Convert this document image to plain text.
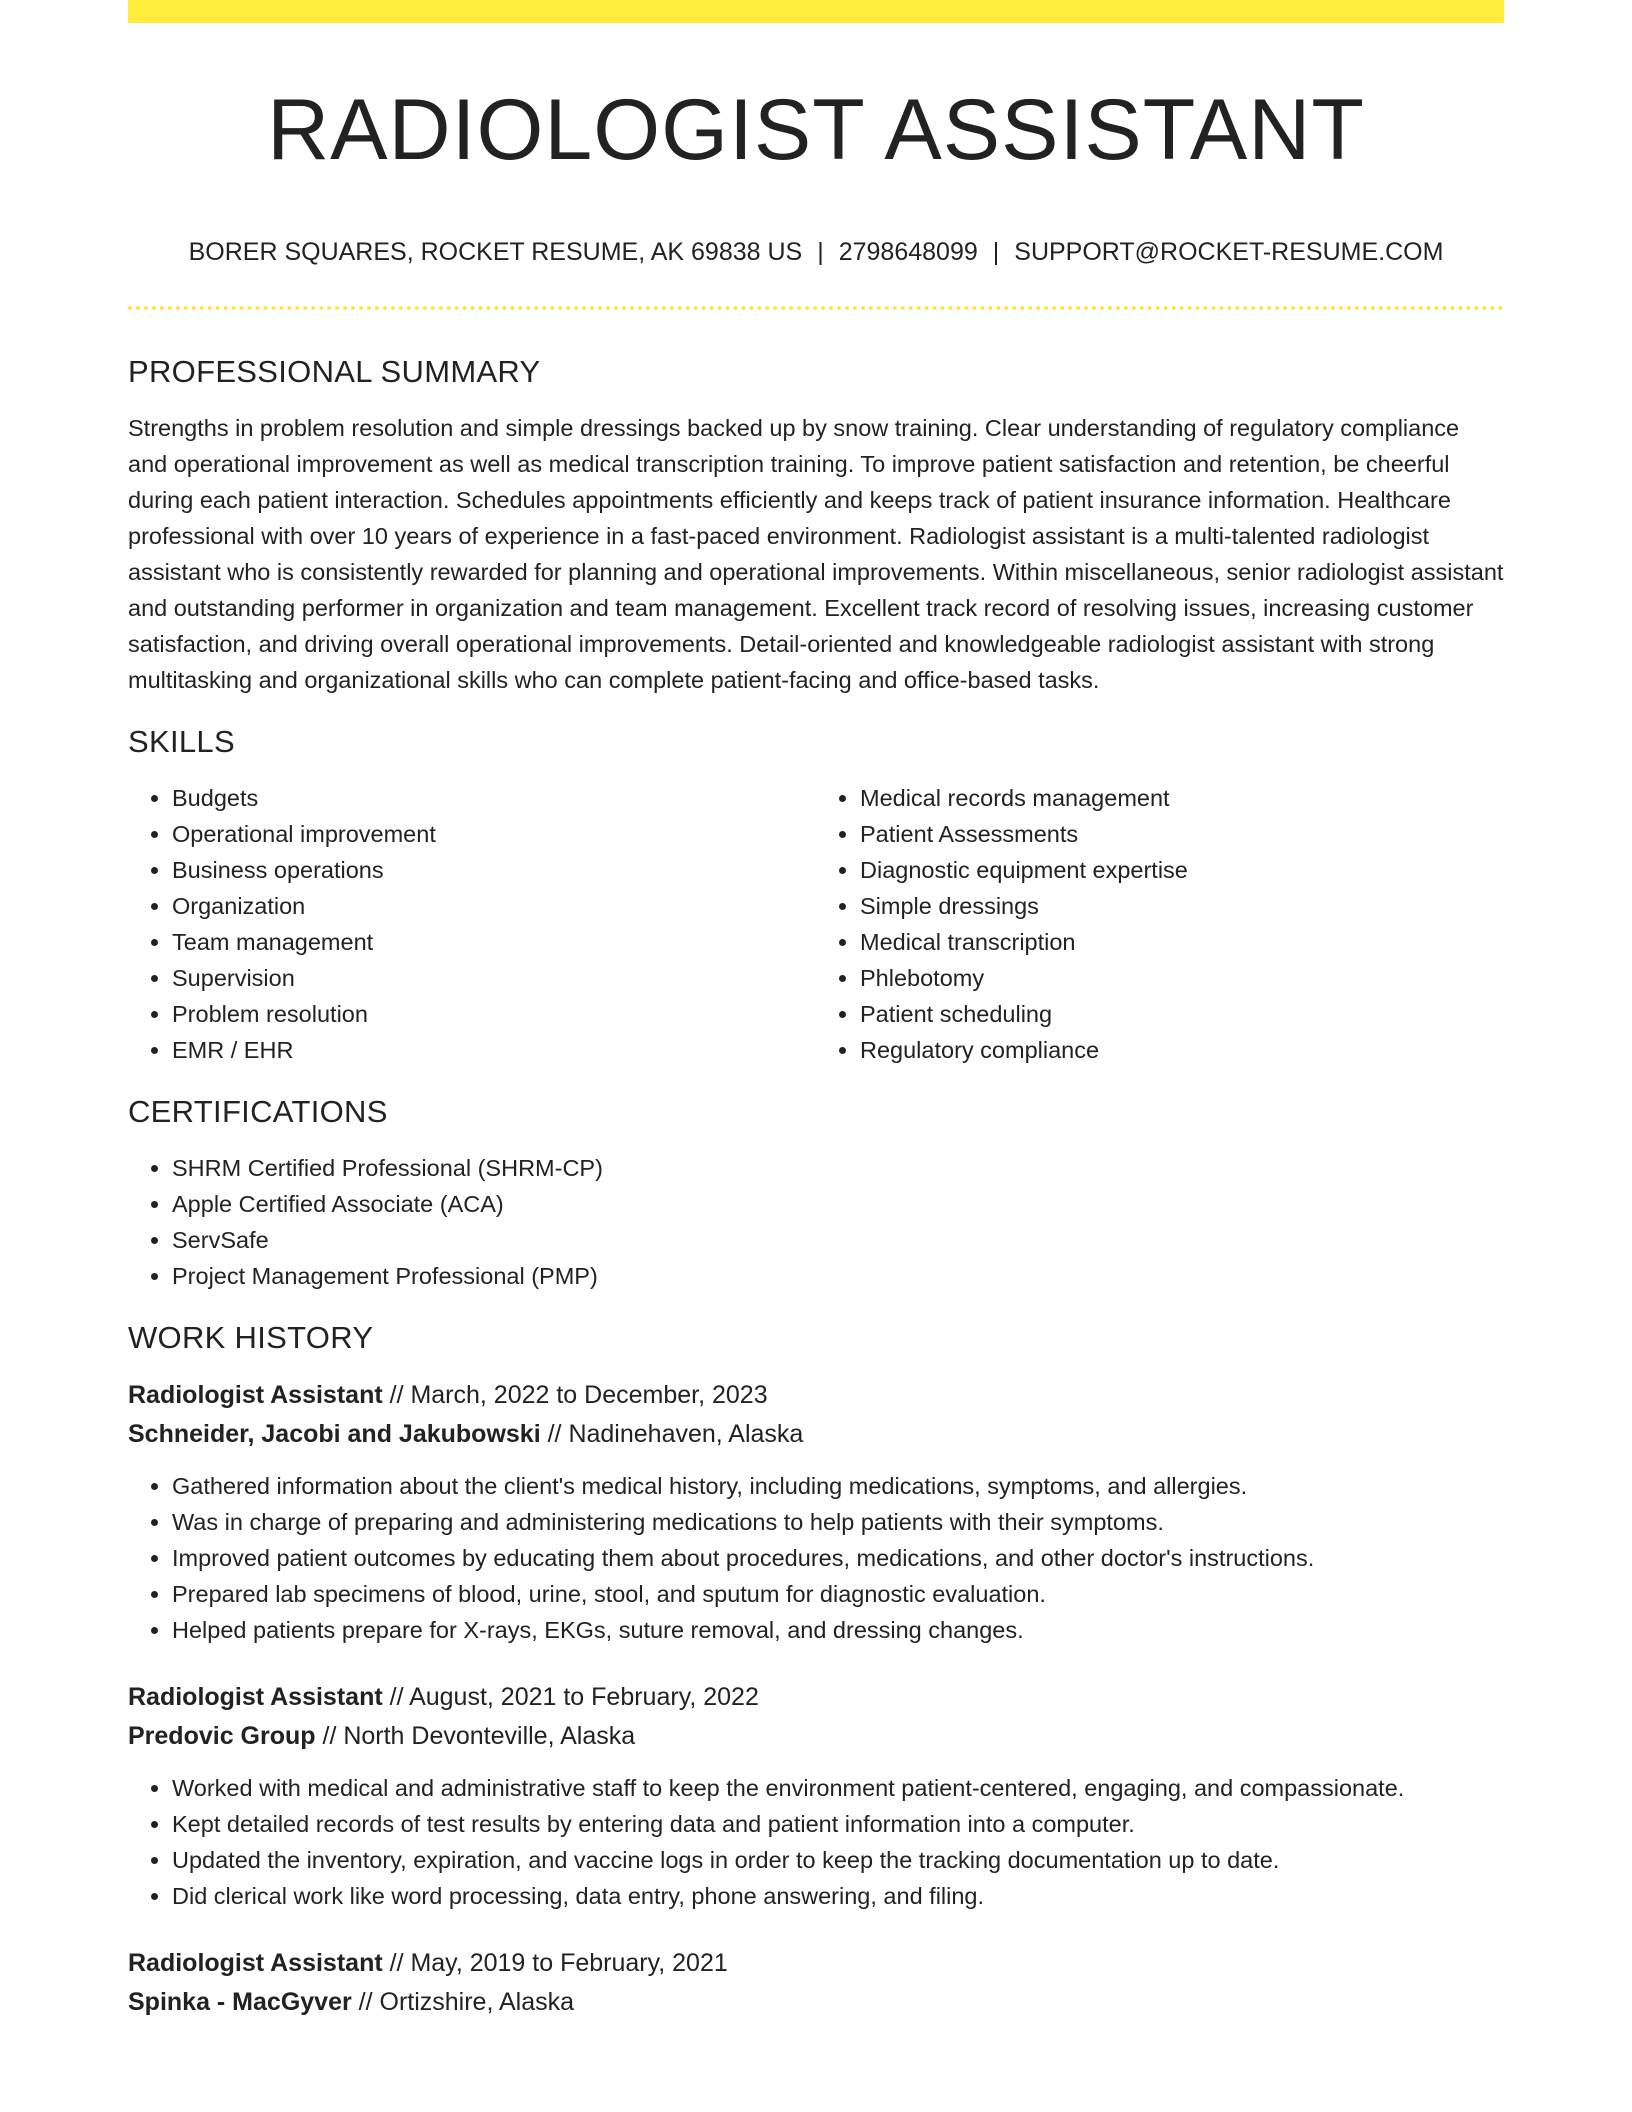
RADIOLOGIST ASSISTANT
BORER SQUARES, ROCKET RESUME, AK 69838 US | 2798648099 | SUPPORT@ROCKET-RESUME.COM
PROFESSIONAL SUMMARY

Strengths in problem resolution and simple dressings backed up by snow training. Clear understanding of regulatory compliance and operational improvement as well as medical transcription training. To improve patient satisfaction and retention, be cheerful during each patient interaction. Schedules appointments efficiently and keeps track of patient insurance information. Healthcare professional with over 10 years of experience in a fast-paced environment. Radiologist assistant is a multi-talented radiologist assistant who is consistently rewarded for planning and operational improvements. Within miscellaneous, senior radiologist assistant and outstanding performer in organization and team management. Excellent track record of resolving issues, increasing customer satisfaction, and driving overall operational improvements. Detail-oriented and knowledgeable radiologist assistant with strong multitasking and organizational skills who can complete patient-facing and office-based tasks.

SKILLS
• Budgets
• Operational improvement
• Business operations
• Organization
• Team management
• Supervision
• Problem resolution
• EMR / EHR
• Medical records management
• Patient Assessments
• Diagnostic equipment expertise
• Simple dressings
• Medical transcription
• Phlebotomy
• Patient scheduling
• Regulatory compliance
CERTIFICATIONS
• SHRM Certified Professional (SHRM-CP)
• Apple Certified Associate (ACA)
• ServSafe
• Project Management Professional (PMP)
WORK HISTORY
Radiologist Assistant // March, 2022 to December, 2023
Schneider, Jacobi and Jakubowski // Nadinehaven, Alaska
• Gathered information about the client's medical history, including medications, symptoms, and allergies.
• Was in charge of preparing and administering medications to help patients with their symptoms.
• Improved patient outcomes by educating them about procedures, medications, and other doctor's instructions.
• Prepared lab specimens of blood, urine, stool, and sputum for diagnostic evaluation.
• Helped patients prepare for X-rays, EKGs, suture removal, and dressing changes.
Radiologist Assistant // August, 2021 to February, 2022
Predovic Group // North Devonteville, Alaska
• Worked with medical and administrative staff to keep the environment patient-centered, engaging, and compassionate.
• Kept detailed records of test results by entering data and patient information into a computer.
• Updated the inventory, expiration, and vaccine logs in order to keep the tracking documentation up to date.
• Did clerical work like word processing, data entry, phone answering, and filing.
Radiologist Assistant // May, 2019 to February, 2021
Spinka - MacGyver // Ortizshire, Alaska
